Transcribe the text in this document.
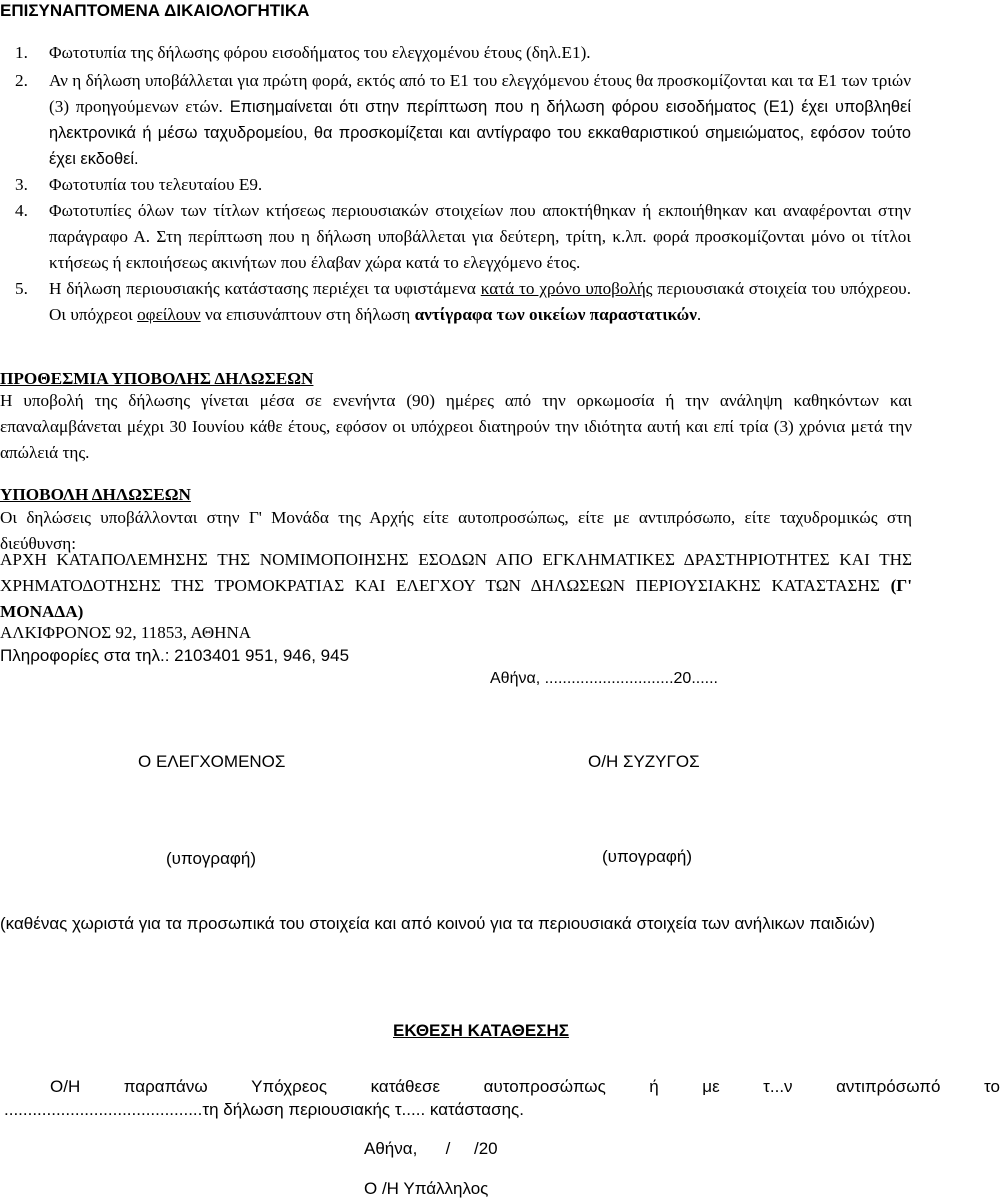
ΕΠΙΣΥΝΑΠΤΟΜΕΝΑ ΔΙΚΑΙΟΛΟΓΗΤΙΚΑ
1. Φωτοτυπία της δήλωσης φόρου εισοδήματος του ελεγχομένου έτους (δηλ.Ε1).
2. Αν η δήλωση υποβάλλεται για πρώτη φορά, εκτός από το Ε1 του ελεγχόμενου έτους θα προσκομίζονται και τα Ε1 των τριών (3) προηγούμενων ετών. Επισημαίνεται ότι στην περίπτωση που η δήλωση φόρου εισοδήματος (Ε1) έχει υποβληθεί ηλεκτρονικά ή μέσω ταχυδρομείου, θα προσκομίζεται και αντίγραφο του εκκαθαριστικού σημειώματος, εφόσον τούτο έχει εκδοθεί.
3. Φωτοτυπία του τελευταίου Ε9.
4. Φωτοτυπίες όλων των τίτλων κτήσεως περιουσιακών στοιχείων που αποκτήθηκαν ή εκποιήθηκαν και αναφέρονται στην παράγραφο Α. Στη περίπτωση που η δήλωση υποβάλλεται για δεύτερη, τρίτη, κ.λπ. φορά προσκομίζονται μόνο οι τίτλοι κτήσεως ή εκποιήσεως ακινήτων που έλαβαν χώρα κατά το ελεγχόμενο έτος.
5. Η δήλωση περιουσιακής κατάστασης περιέχει τα υφιστάμενα κατά το χρόνο υποβολής περιουσιακά στοιχεία του υπόχρεου. Οι υπόχρεοι οφείλουν να επισυνάπτουν στη δήλωση αντίγραφα των οικείων παραστατικών.
ΠΡΟΘΕΣΜΙΑ ΥΠΟΒΟΛΗΣ ΔΗΛΩΣΕΩΝ
Η υποβολή της δήλωσης γίνεται μέσα σε ενενήντα (90) ημέρες από την ορκωμοσία ή την ανάληψη καθηκόντων και επαναλαμβάνεται μέχρι 30 Ιουνίου κάθε έτους, εφόσον οι υπόχρεοι διατηρούν την ιδιότητα αυτή και επί τρία (3) χρόνια μετά την απώλειά της.
ΥΠΟΒΟΛΗ ΔΗΛΩΣΕΩΝ
Οι δηλώσεις υποβάλλονται στην Γ' Μονάδα της Αρχής είτε αυτοπροσώπως, είτε με αντιπρόσωπο, είτε ταχυδρομικώς στη διεύθυνση:
ΑΡΧΗ ΚΑΤΑΠΟΛΕΜΗΣΗΣ ΤΗΣ ΝΟΜΙΜΟΠΟΙΗΣΗΣ ΕΣΟΔΩΝ ΑΠΟ ΕΓΚΛΗΜΑΤΙΚΕΣ ΔΡΑΣΤΗΡΙΟΤΗΤΕΣ ΚΑΙ ΤΗΣ ΧΡΗΜΑΤΟΔΟΤΗΣΗΣ ΤΗΣ ΤΡΟΜΟΚΡΑΤΙΑΣ ΚΑΙ ΕΛΕΓΧΟΥ ΤΩΝ ΔΗΛΩΣΕΩΝ ΠΕΡΙΟΥΣΙΑΚΗΣ ΚΑΤΑΣΤΑΣΗΣ (Γ' ΜΟΝΑΔΑ)
ΑΛΚΙΦΡΟΝΟΣ 92, 11853, ΑΘΗΝΑ
Πληροφορίες στα τηλ.: 2103401 951, 946, 945
Αθήνα, .............................20......
Ο ΕΛΕΓΧΟΜΕΝΟΣ	Ο/Η ΣΥΖΥΓΟΣ
(υπογραφή)	(υπογραφή)
(καθένας χωριστά για τα προσωπικά του στοιχεία και από κοινού για τα περιουσιακά στοιχεία των ανήλικων παιδιών)
ΕΚΘΕΣΗ ΚΑΤΑΘΕΣΗΣ
Ο/Η	παραπάνω	Υπόχρεος	κατάθεσε	αυτοπροσώπως	ή	με	τ...ν	αντιπρόσωπό	το
..........................................τη δήλωση περιουσιακής τ..... κατάστασης.
Αθήνα,      /     /20
Ο /Η Υπάλληλος
